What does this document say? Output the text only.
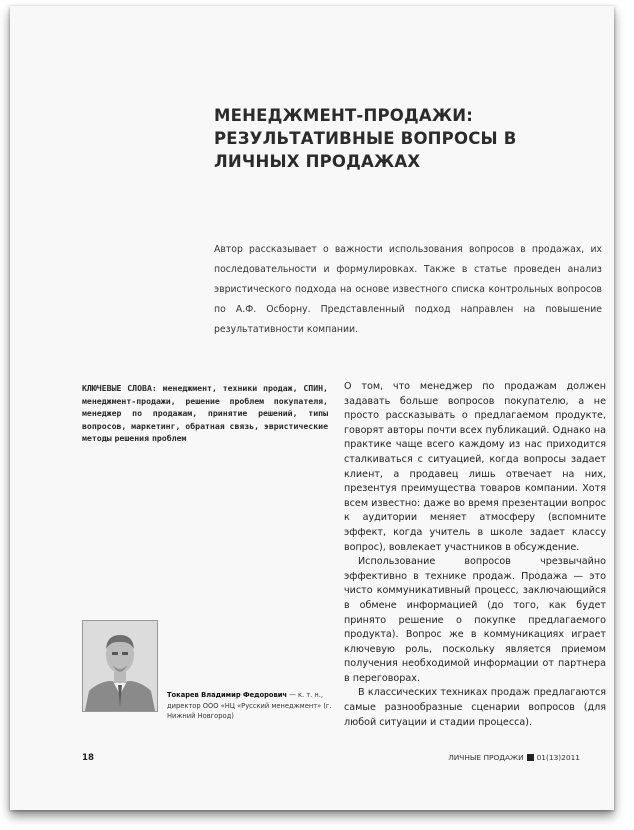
МЕНЕДЖМЕНТ-ПРОДАЖИ: РЕЗУЛЬТАТИВНЫЕ ВОПРОСЫ В ЛИЧНЫХ ПРОДАЖАХ

Автор рассказывает о важности использования вопросов в продажах, их последовательности и формулировках. Также в статье проведен анализ эвристического подхода на основе известного списка контрольных вопросов по А.Ф. Осборну. Представленный подход направлен на повышение результативности компании.

КЛЮЧЕВЫЕ СЛОВА: менеджмент, техники продаж, СПИН, менеджмент-продажи, решение проблем покупателя, менеджер по продажам, принятие решений, типы вопросов, маркетинг, обратная связь, эвристические методы решения проблем

О том, что менеджер по продажам должен задавать больше вопросов покупателю, а не просто рассказывать о предлагаемом продукте, говорят авторы почти всех публикаций. Однако на практике чаще всего каждому из нас приходится сталкиваться с ситуацией, когда вопросы задает клиент, а продавец лишь отвечает на них, презентуя преимущества товаров компании. Хотя всем известно: даже во время презентации вопрос к аудитории меняет атмосферу (вспомните эффект, когда учитель в школе задает классу вопрос), вовлекает участников в обсуждение.

Использование вопросов чрезвычайно эффективно в технике продаж. Продажа — это чисто коммуникативный процесс, заключающийся в обмене информацией (до того, как будет принято решение о покупке предлагаемого продукта). Вопрос же в коммуникациях играет ключевую роль, поскольку является приемом получения необходимой информации от партнера в переговорах.

В классических техниках продаж предлагаются самые разнообразные сценарии вопросов (для любой ситуации и стадии процесса).

Токарев Владимир Федорович — к. т. н., директор ООО «НЦ «Русский менеджмент» (г. Нижний Новгород)

18	ЛИЧНЫЕ ПРОДАЖИ 01(13)2011
